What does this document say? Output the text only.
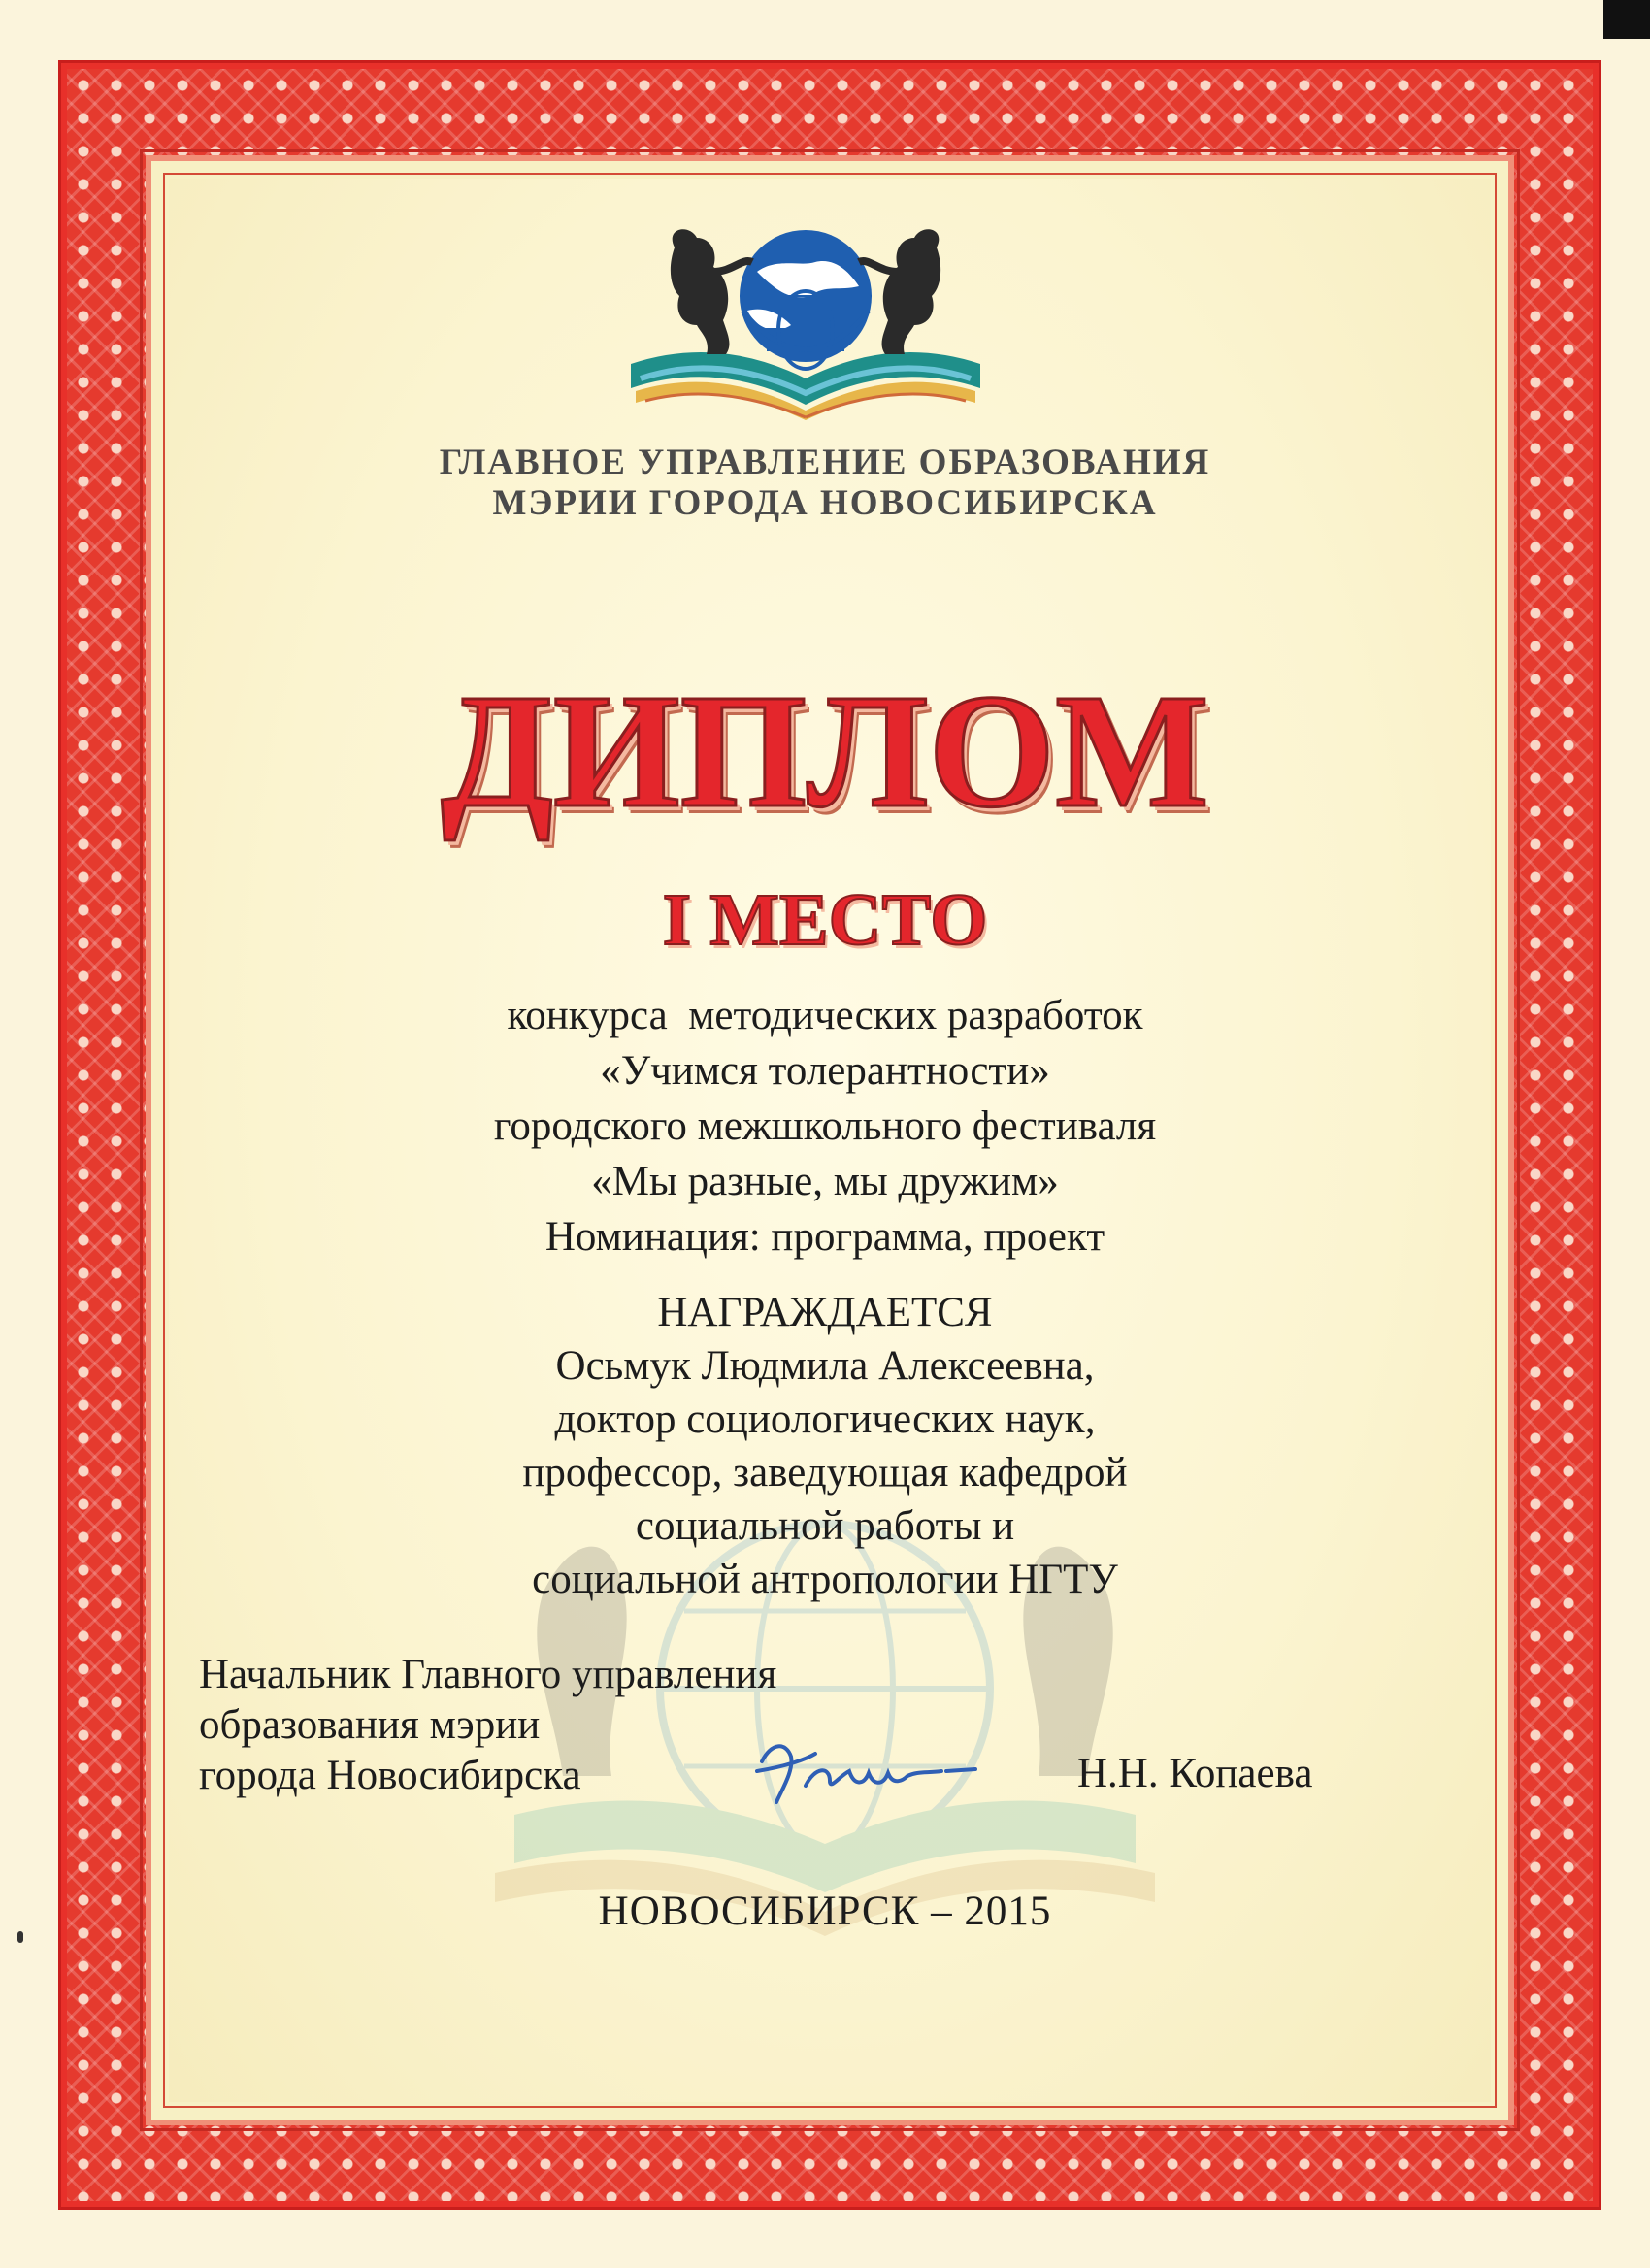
ГЛАВНОЕ УПРАВЛЕНИЕ ОБРАЗОВАНИЯ
МЭРИИ ГОРОДА НОВОСИБИРСКА
ДИПЛОМ
I МЕСТО
конкурса  методических разработок
«Учимся толерантности»
городского межшкольного фестиваля
«Мы разные, мы дружим»
Номинация: программа, проект
НАГРАЖДАЕТСЯ
Осьмук Людмила Алексеевна,
доктор социологических наук,
профессор, заведующая кафедрой
социальной работы и
социальной антропологии НГТУ
Начальник Главного управления
образования мэрии
города Новосибирска	Н.Н. Копаева
НОВОСИБИРСК – 2015
